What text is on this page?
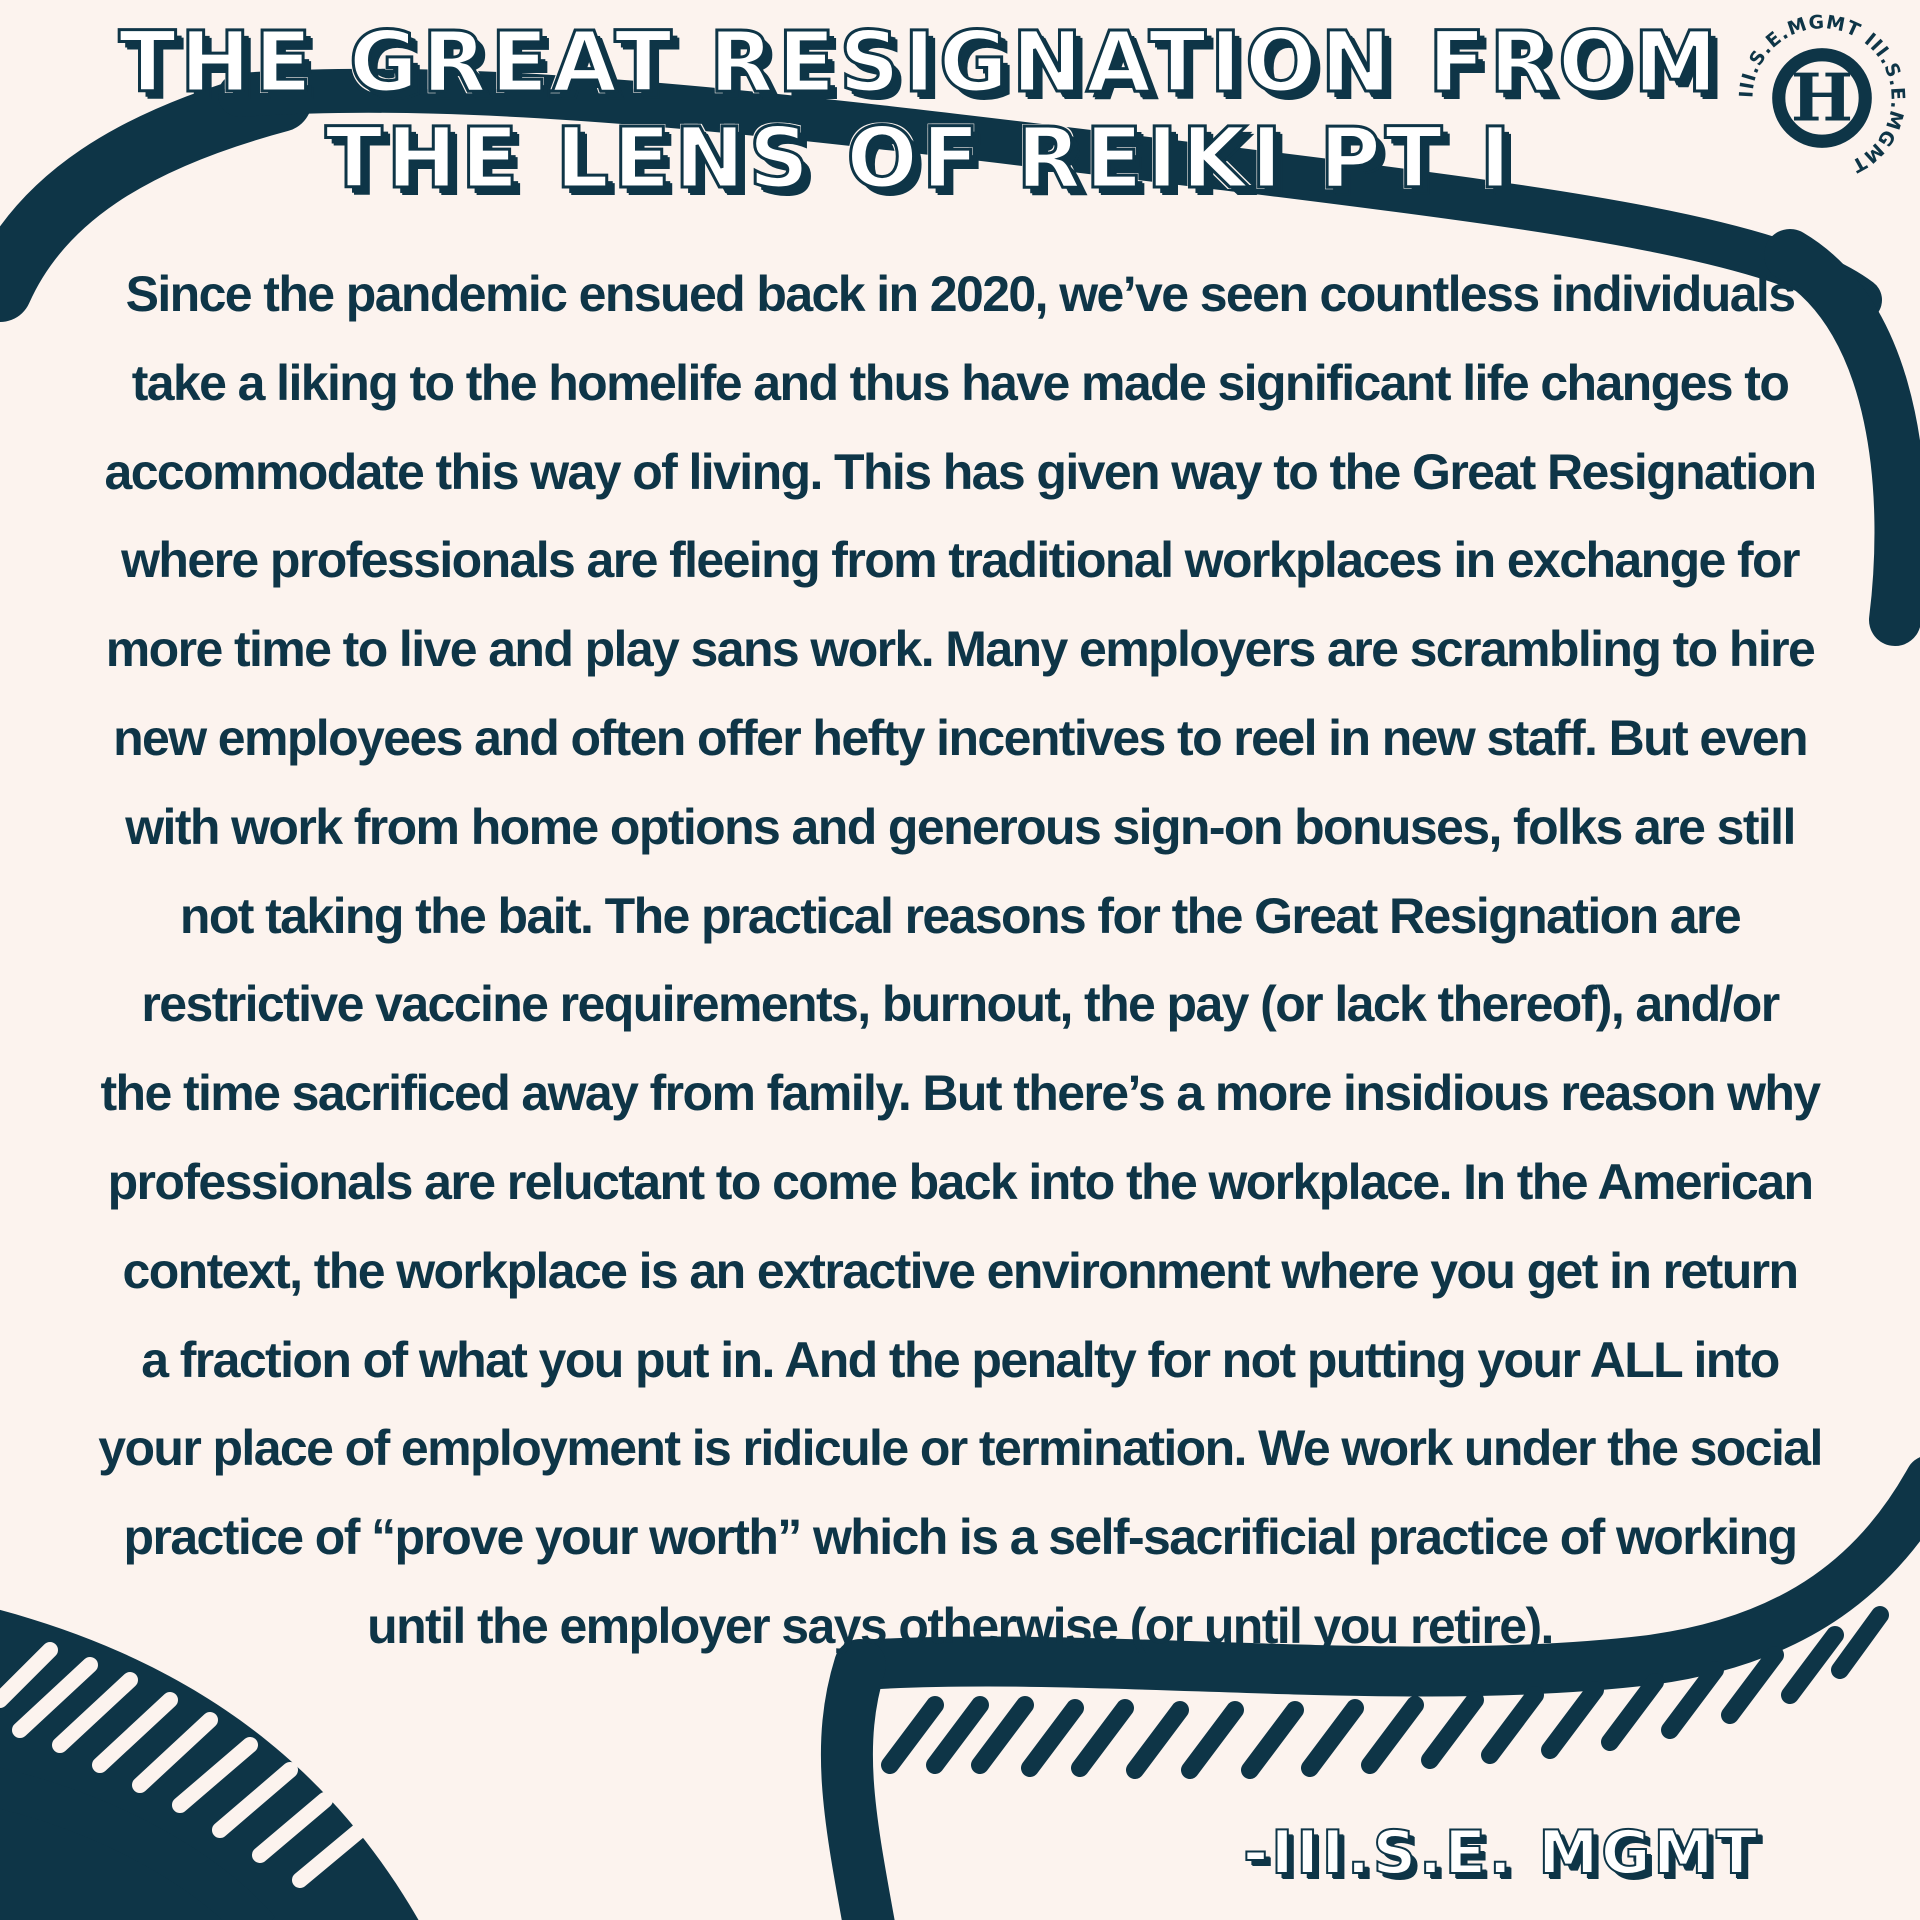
THE GREAT RESIGNATION FROM
THE LENS OF REIKI PT I
III.S.E.MGMT III.S.E.MGMT
H

Since the pandemic ensued back in 2020, we’ve seen countless individuals
take a liking to the homelife and thus have made significant life changes to
accommodate this way of living. This has given way to the Great Resignation
where professionals are fleeing from traditional workplaces in exchange for
more time to live and play sans work. Many employers are scrambling to hire
new employees and often offer hefty incentives to reel in new staff. But even
with work from home options and generous sign-on bonuses, folks are still
not taking the bait. The practical reasons for the Great Resignation are
restrictive vaccine requirements, burnout, the pay (or lack thereof), and/or
the time sacrificed away from family. But there’s a more insidious reason why
professionals are reluctant to come back into the workplace. In the American
context, the workplace is an extractive environment where you get in return
a fraction of what you put in. And the penalty for not putting your ALL into
your place of employment is ridicule or termination. We work under the social
practice of “prove your worth” which is a self-sacrificial practice of working
until the employer says otherwise (or until you retire).

-III.S.E. MGMT
